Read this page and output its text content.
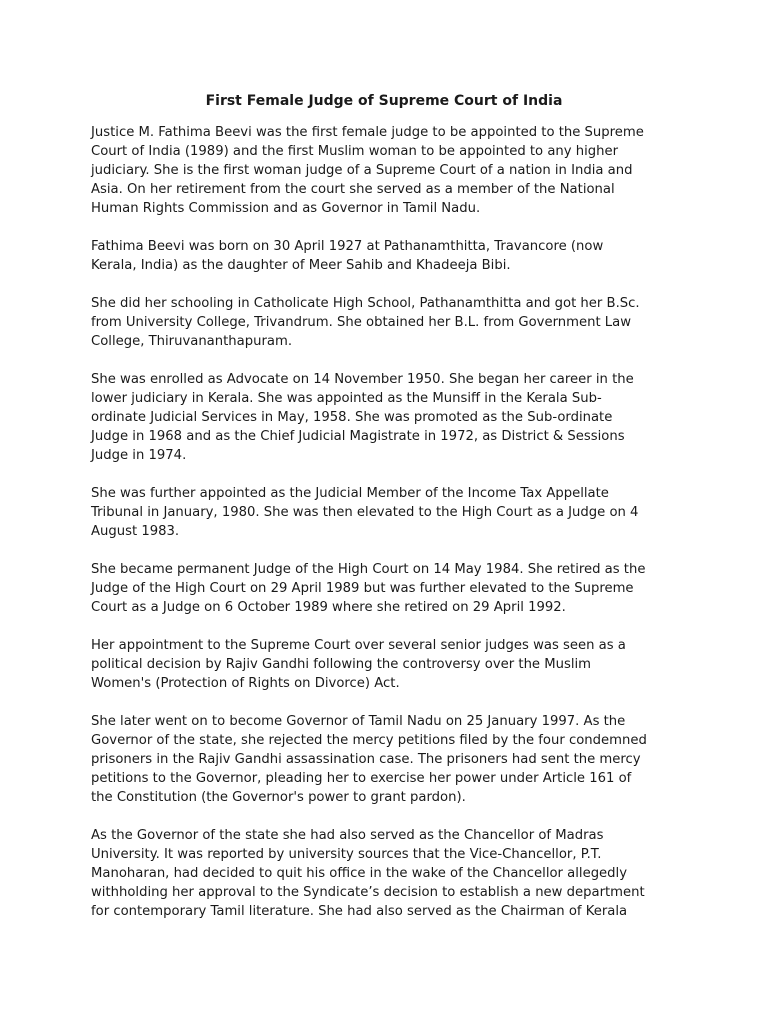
First Female Judge of Supreme Court of India

Justice M. Fathima Beevi was the first female judge to be appointed to the Supreme
Court of India (1989) and the first Muslim woman to be appointed to any higher
judiciary. She is the first woman judge of a Supreme Court of a nation in India and
Asia. On her retirement from the court she served as a member of the National
Human Rights Commission and as Governor in Tamil Nadu.

Fathima Beevi was born on 30 April 1927 at Pathanamthitta, Travancore (now
Kerala, India) as the daughter of Meer Sahib and Khadeeja Bibi.

She did her schooling in Catholicate High School, Pathanamthitta and got her B.Sc.
from University College, Trivandrum. She obtained her B.L. from Government Law
College, Thiruvananthapuram.

She was enrolled as Advocate on 14 November 1950. She began her career in the
lower judiciary in Kerala. She was appointed as the Munsiff in the Kerala Sub-
ordinate Judicial Services in May, 1958. She was promoted as the Sub-ordinate
Judge in 1968 and as the Chief Judicial Magistrate in 1972, as District & Sessions
Judge in 1974.

She was further appointed as the Judicial Member of the Income Tax Appellate
Tribunal in January, 1980. She was then elevated to the High Court as a Judge on 4
August 1983.

She became permanent Judge of the High Court on 14 May 1984. She retired as the
Judge of the High Court on 29 April 1989 but was further elevated to the Supreme
Court as a Judge on 6 October 1989 where she retired on 29 April 1992.

Her appointment to the Supreme Court over several senior judges was seen as a
political decision by Rajiv Gandhi following the controversy over the Muslim
Women's (Protection of Rights on Divorce) Act.

She later went on to become Governor of Tamil Nadu on 25 January 1997. As the
Governor of the state, she rejected the mercy petitions filed by the four condemned
prisoners in the Rajiv Gandhi assassination case. The prisoners had sent the mercy
petitions to the Governor, pleading her to exercise her power under Article 161 of
the Constitution (the Governor's power to grant pardon).

As the Governor of the state she had also served as the Chancellor of Madras
University. It was reported by university sources that the Vice-Chancellor, P.T.
Manoharan, had decided to quit his office in the wake of the Chancellor allegedly
withholding her approval to the Syndicate’s decision to establish a new department
for contemporary Tamil literature. She had also served as the Chairman of Kerala
